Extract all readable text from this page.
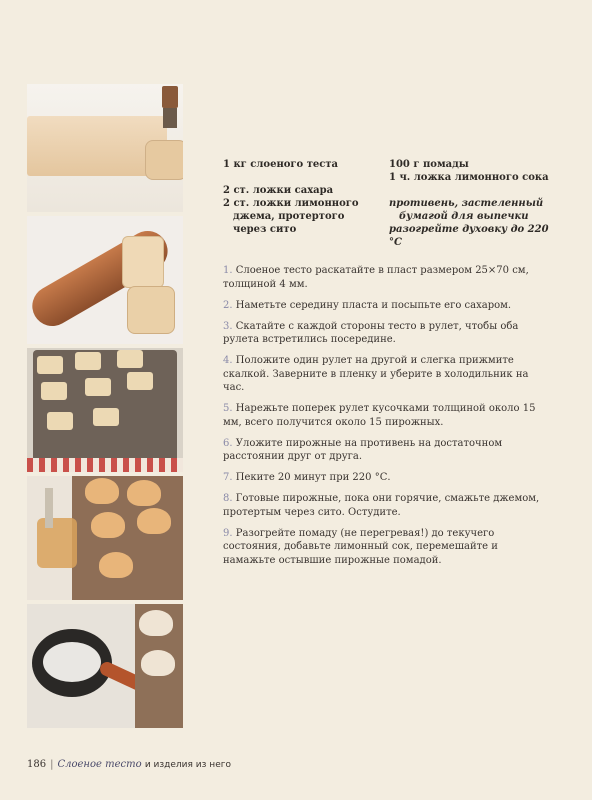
1 кг слоеного теста

2 ст. ложки сахара

2 ст. ложки лимонного

джема, протертого

через сито

100 г помады

1 ч. ложка лимонного сока

противень, застеленный

бумагой для выпечки

разогрейте духовку до 220 °С

1. Слоеное тесто раскатайте в пласт размером 25×70 см, толщиной 4 мм.

2. Наметьте середину пласта и посыпьте его сахаром.

3. Скатайте с каждой стороны тесто в рулет, чтобы оба рулета встретились посередине.

4. Положите один рулет на другой и слегка прижмите скалкой. Заверните в пленку и уберите в холодильник на час.

5. Нарежьте поперек рулет кусочками толщиной около 15 мм, всего получится около 15 пирожных.

6. Уложите пирожные на противень на достаточном расстоянии друг от друга.

7. Пеките 20 минут при 220 °С.

8. Готовые пирожные, пока они горячие, смажьте джемом, протертым через сито. Остудите.

9. Разогрейте помаду (не перегревая!) до текучего состояния, добавьте лимонный сок, перемешайте и намажьте остывшие пирожные помадой.

186 | Слоеное тесто и изделия из него
